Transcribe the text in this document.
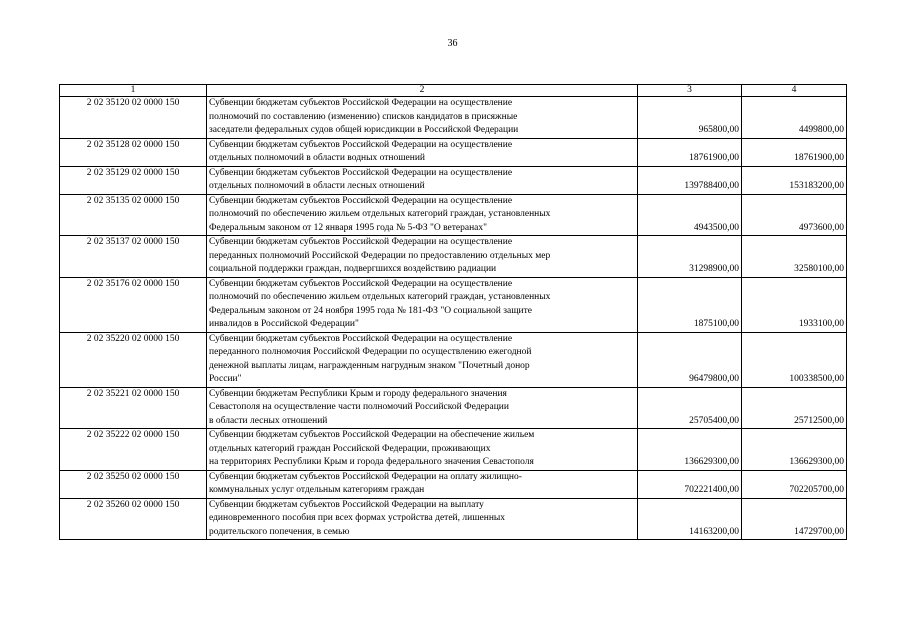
36
1	2	3	4
2 02 35120 02 0000 150	Субвенции бюджетам субъектов Российской Федерации на осуществление
полномочий по составлению (изменению) списков кандидатов в присяжные
заседатели федеральных судов общей юрисдикции в Российской Федерации	965800,00	4499800,00
2 02 35128 02 0000 150	Субвенции бюджетам субъектов Российской Федерации на осуществление
отдельных полномочий в области водных отношений	18761900,00	18761900,00
2 02 35129 02 0000 150	Субвенции бюджетам субъектов Российской Федерации на осуществление
отдельных полномочий в области лесных отношений	139788400,00	153183200,00
2 02 35135 02 0000 150	Субвенции бюджетам субъектов Российской Федерации на осуществление
полномочий по обеспечению жильем отдельных категорий граждан, установленных
Федеральным законом от 12 января 1995 года № 5-ФЗ "О ветеранах"	4943500,00	4973600,00
2 02 35137 02 0000 150	Субвенции бюджетам субъектов Российской Федерации на осуществление
переданных полномочий Российской Федерации по предоставлению отдельных мер
социальной поддержки граждан, подвергшихся воздействию радиации	31298900,00	32580100,00
2 02 35176 02 0000 150	Субвенции бюджетам субъектов Российской Федерации на осуществление
полномочий по обеспечению жильем отдельных категорий граждан, установленных
Федеральным законом от 24 ноября 1995 года № 181-ФЗ "О социальной защите
инвалидов в Российской Федерации"	1875100,00	1933100,00
2 02 35220 02 0000 150	Субвенции бюджетам субъектов Российской Федерации на осуществление
переданного полномочия Российской Федерации по осуществлению ежегодной
денежной выплаты лицам, награжденным нагрудным знаком "Почетный донор
России"	96479800,00	100338500,00
2 02 35221 02 0000 150	Субвенции бюджетам Республики Крым и городу федерального значения
Севастополя на осуществление части полномочий Российской Федерации
в области лесных отношений	25705400,00	25712500,00
2 02 35222 02 0000 150	Субвенции бюджетам субъектов Российской Федерации на обеспечение жильем
отдельных категорий граждан Российской Федерации, проживающих
на территориях Республики Крым и города федерального значения Севастополя	136629300,00	136629300,00
2 02 35250 02 0000 150	Субвенции бюджетам субъектов Российской Федерации на оплату жилищно-
коммунальных услуг отдельным категориям граждан	702221400,00	702205700,00
2 02 35260 02 0000 150	Субвенции бюджетам субъектов Российской Федерации на выплату
единовременного пособия при всех формах устройства детей, лишенных
родительского попечения, в семью	14163200,00	14729700,00
